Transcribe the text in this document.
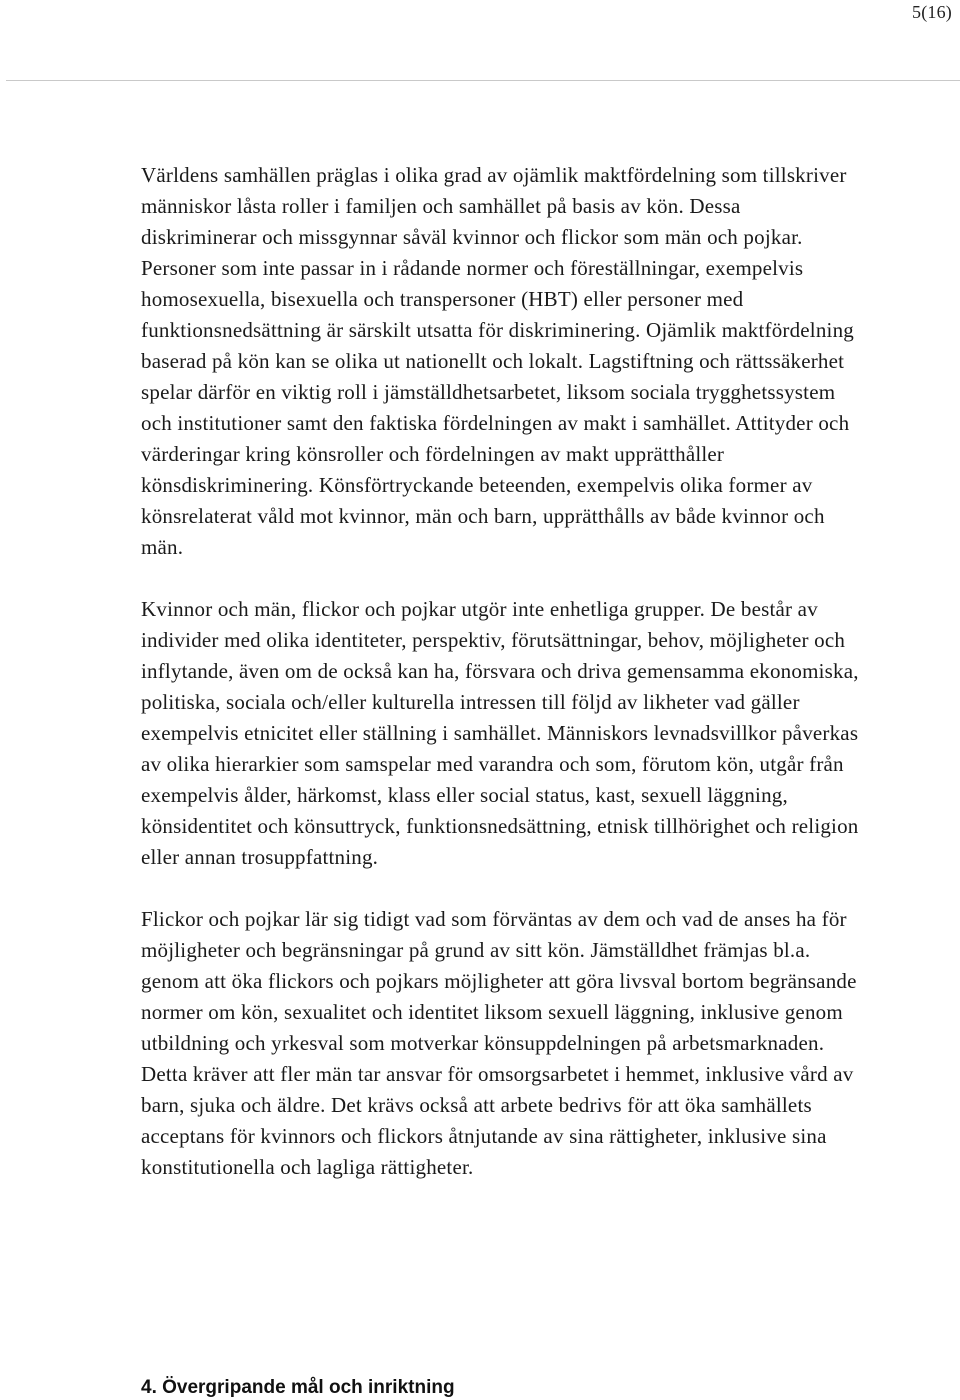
5(16)

Världens samhällen präglas i olika grad av ojämlik maktfördelning som tillskriver människor låsta roller i familjen och samhället på basis av kön. Dessa diskriminerar och missgynnar såväl kvinnor och flickor som män och pojkar. Personer som inte passar in i rådande normer och föreställningar, exempelvis homosexuella, bisexuella och transpersoner (HBT) eller personer med funktionsnedsättning är särskilt utsatta för diskriminering. Ojämlik maktfördelning baserad på kön kan se olika ut nationellt och lokalt. Lagstiftning och rättssäkerhet spelar därför en viktig roll i jämställdhetsarbetet, liksom sociala trygghetssystem och institutioner samt den faktiska fördelningen av makt i samhället. Attityder och värderingar kring könsroller och fördelningen av makt upprätthåller könsdiskriminering. Könsförtryckande beteenden, exempelvis olika former av könsrelaterat våld mot kvinnor, män och barn, upprätthålls av både kvinnor och män.

Kvinnor och män, flickor och pojkar utgör inte enhetliga grupper. De består av individer med olika identiteter, perspektiv, förutsättningar, behov, möjligheter och inflytande, även om de också kan ha, försvara och driva gemensamma ekonomiska, politiska, sociala och/eller kulturella intressen till följd av likheter vad gäller exempelvis etnicitet eller ställning i samhället. Människors levnadsvillkor påverkas av olika hierarkier som samspelar med varandra och som, förutom kön, utgår från exempelvis ålder, härkomst, klass eller social status, kast, sexuell läggning, könsidentitet och könsuttryck, funktionsnedsättning, etnisk tillhörighet och religion eller annan trosuppfattning.

Flickor och pojkar lär sig tidigt vad som förväntas av dem och vad de anses ha för möjligheter och begränsningar på grund av sitt kön. Jämställdhet främjas bl.a. genom att öka flickors och pojkars möjligheter att göra livsval bortom begränsande normer om kön, sexualitet och identitet liksom sexuell läggning, inklusive genom utbildning och yrkesval som motverkar könsuppdelningen på arbetsmarknaden. Detta kräver att fler män tar ansvar för omsorgsarbetet i hemmet, inklusive vård av barn, sjuka och äldre. Det krävs också att arbete bedrivs för att öka samhällets acceptans för kvinnors och flickors åtnjutande av sina rättigheter, inklusive sina konstitutionella och lagliga rättigheter.

4. Övergripande mål och inriktning
